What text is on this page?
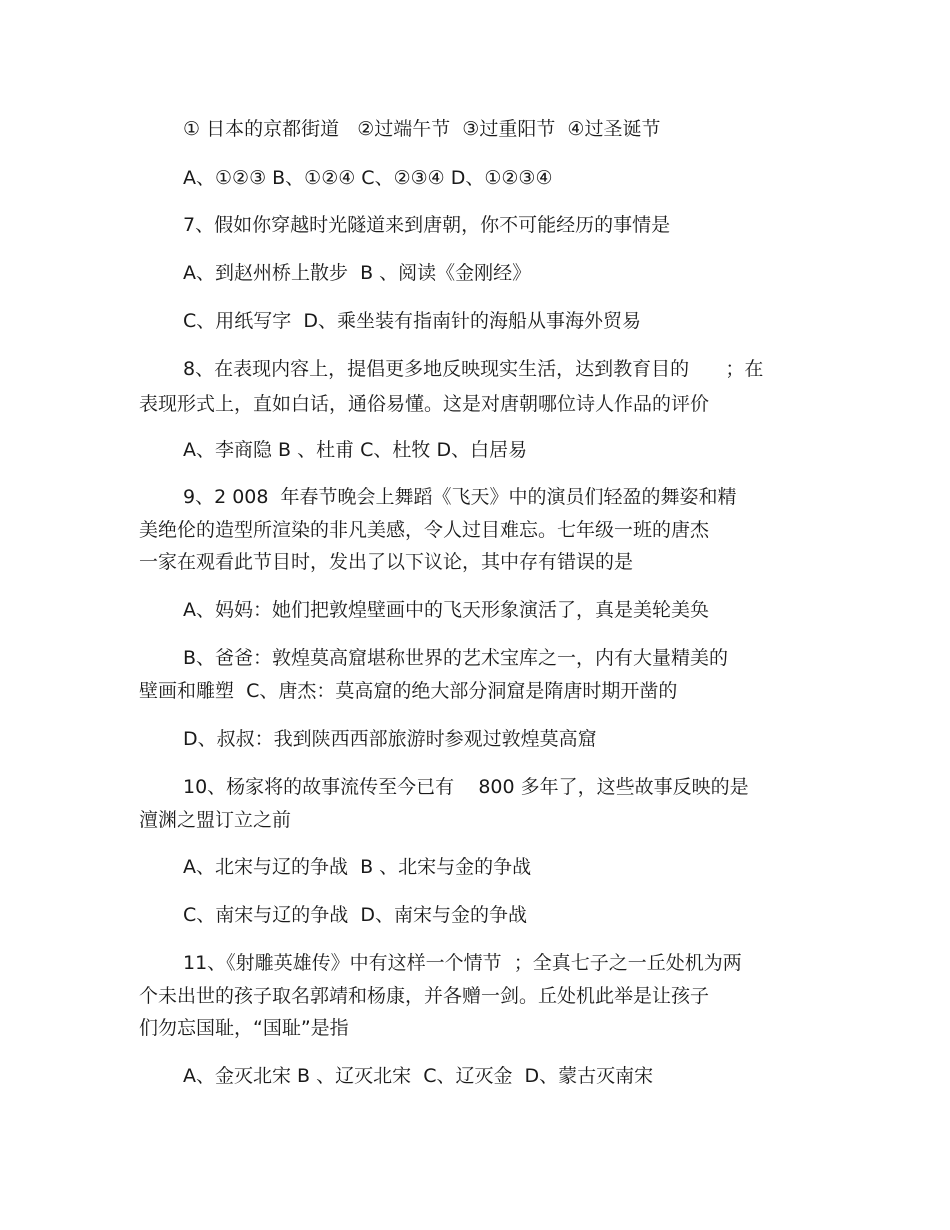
① 日本的京都街道   ②过端午节  ③过重阳节  ④过圣诞节

A、①②③ B、①②④ C、②③④ D、①②③④

7、假如你穿越时光隧道来到唐朝，你不可能经历的事情是

A、到赵州桥上散步  B 、阅读《金刚经》

C、用纸写字  D、乘坐装有指南针的海船从事海外贸易

8、在表现内容上，提倡更多地反映现实生活，达到教育目的      ；在

表现形式上，直如白话，通俗易懂。这是对唐朝哪位诗人作品的评价

A、李商隐 B 、杜甫 C、杜牧 D、白居易

9、2 008  年春节晚会上舞蹈《飞天》中的演员们轻盈的舞姿和精

美绝伦的造型所渲染的非凡美感，令人过目难忘。七年级一班的唐杰

一家在观看此节目时，发出了以下议论，其中存有错误的是

A、妈妈：她们把敦煌壁画中的飞天形象演活了，真是美轮美奂

B、爸爸：敦煌莫高窟堪称世界的艺术宝库之一，内有大量精美的

壁画和雕塑  C、唐杰：莫高窟的绝大部分洞窟是隋唐时期开凿的

D、叔叔：我到陕西西部旅游时参观过敦煌莫高窟

10、杨家将的故事流传至今已有    800 多年了，这些故事反映的是

澶渊之盟订立之前

A、北宋与辽的争战  B 、北宋与金的争战

C、南宋与辽的争战  D、南宋与金的争战

11、《射雕英雄传》中有这样一个情节  ；全真七子之一丘处机为两

个未出世的孩子取名郭靖和杨康，并各赠一剑。丘处机此举是让孩子

们勿忘国耻，“国耻”是指

A、金灭北宋 B 、辽灭北宋  C、辽灭金  D、蒙古灭南宋
